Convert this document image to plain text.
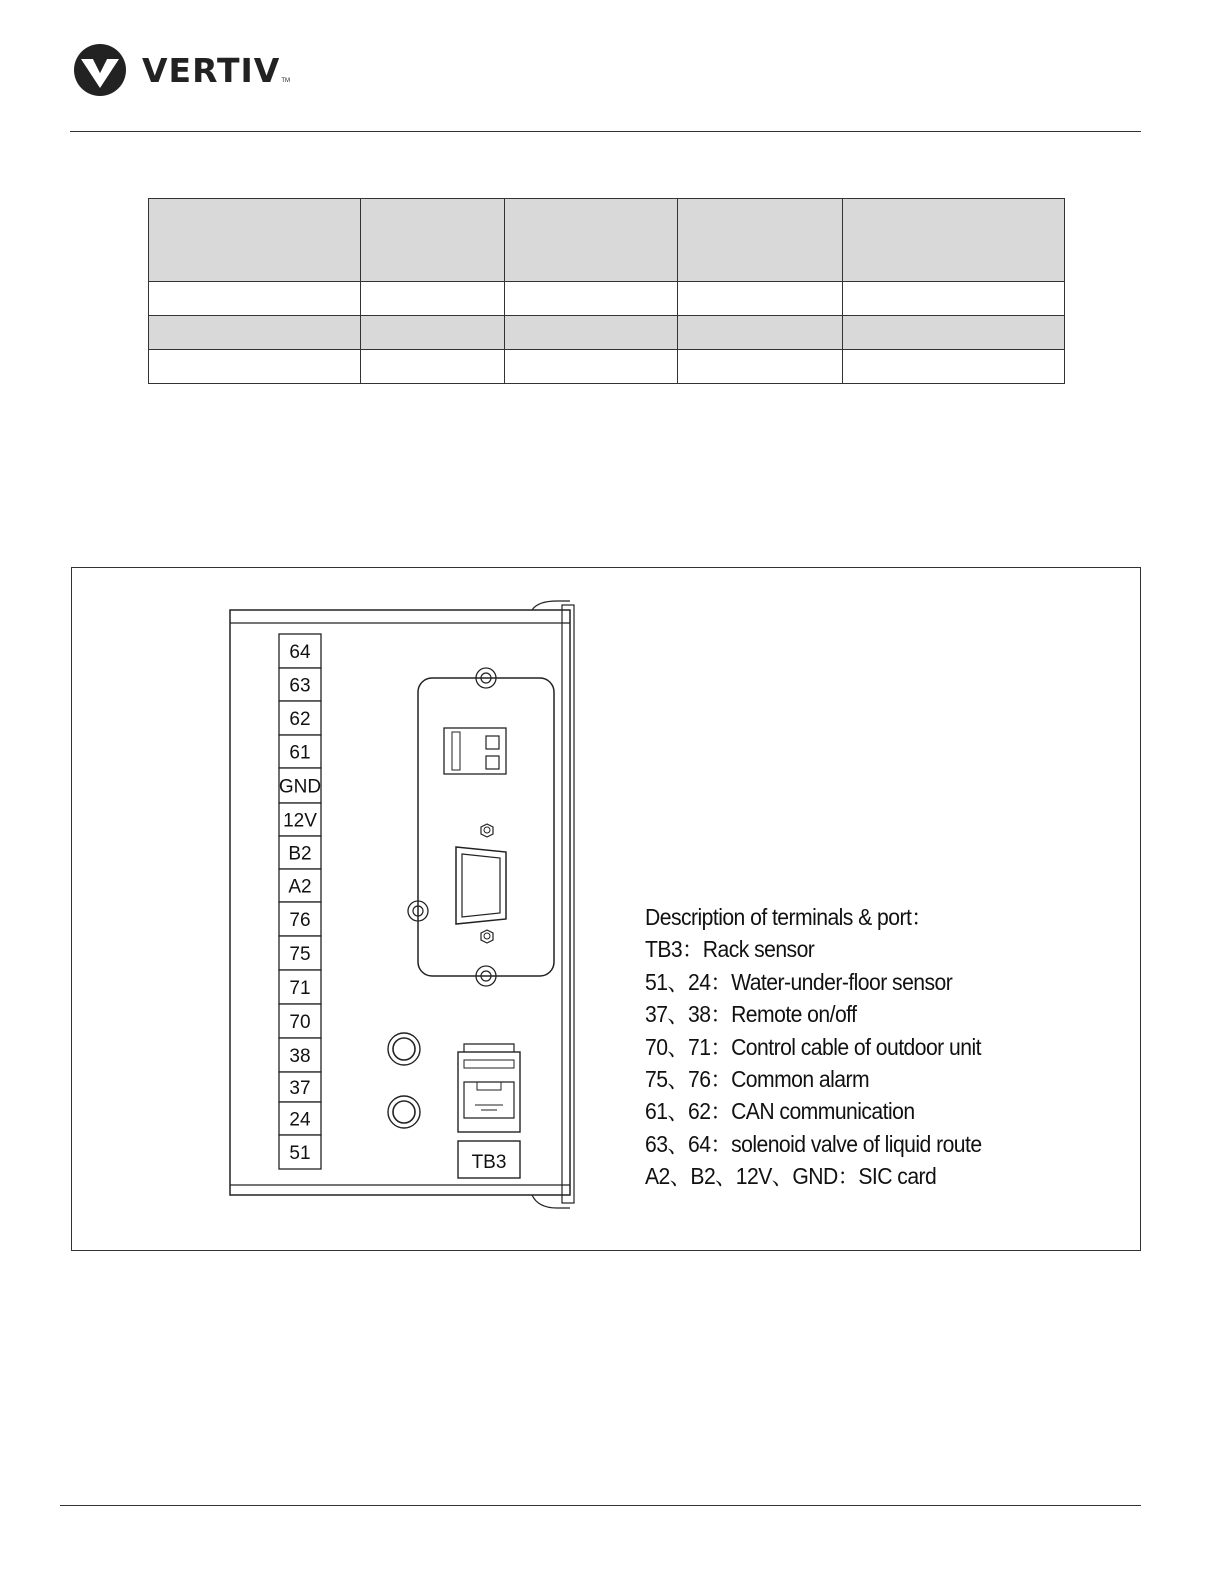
VERTIV TM

64
63
62
61
GND
12V
B2
A2
76
75
71
70
38
37
24
51	TB3
Description of terminals & port：
TB3：Rack sensor
51、24：Water-under-floor sensor
37、38：Remote on/off
70、71：Control cable of outdoor unit
75、76：Common alarm
61、62：CAN communication
63、64：solenoid valve of liquid route
A2、B2、12V、GND：SIC card
